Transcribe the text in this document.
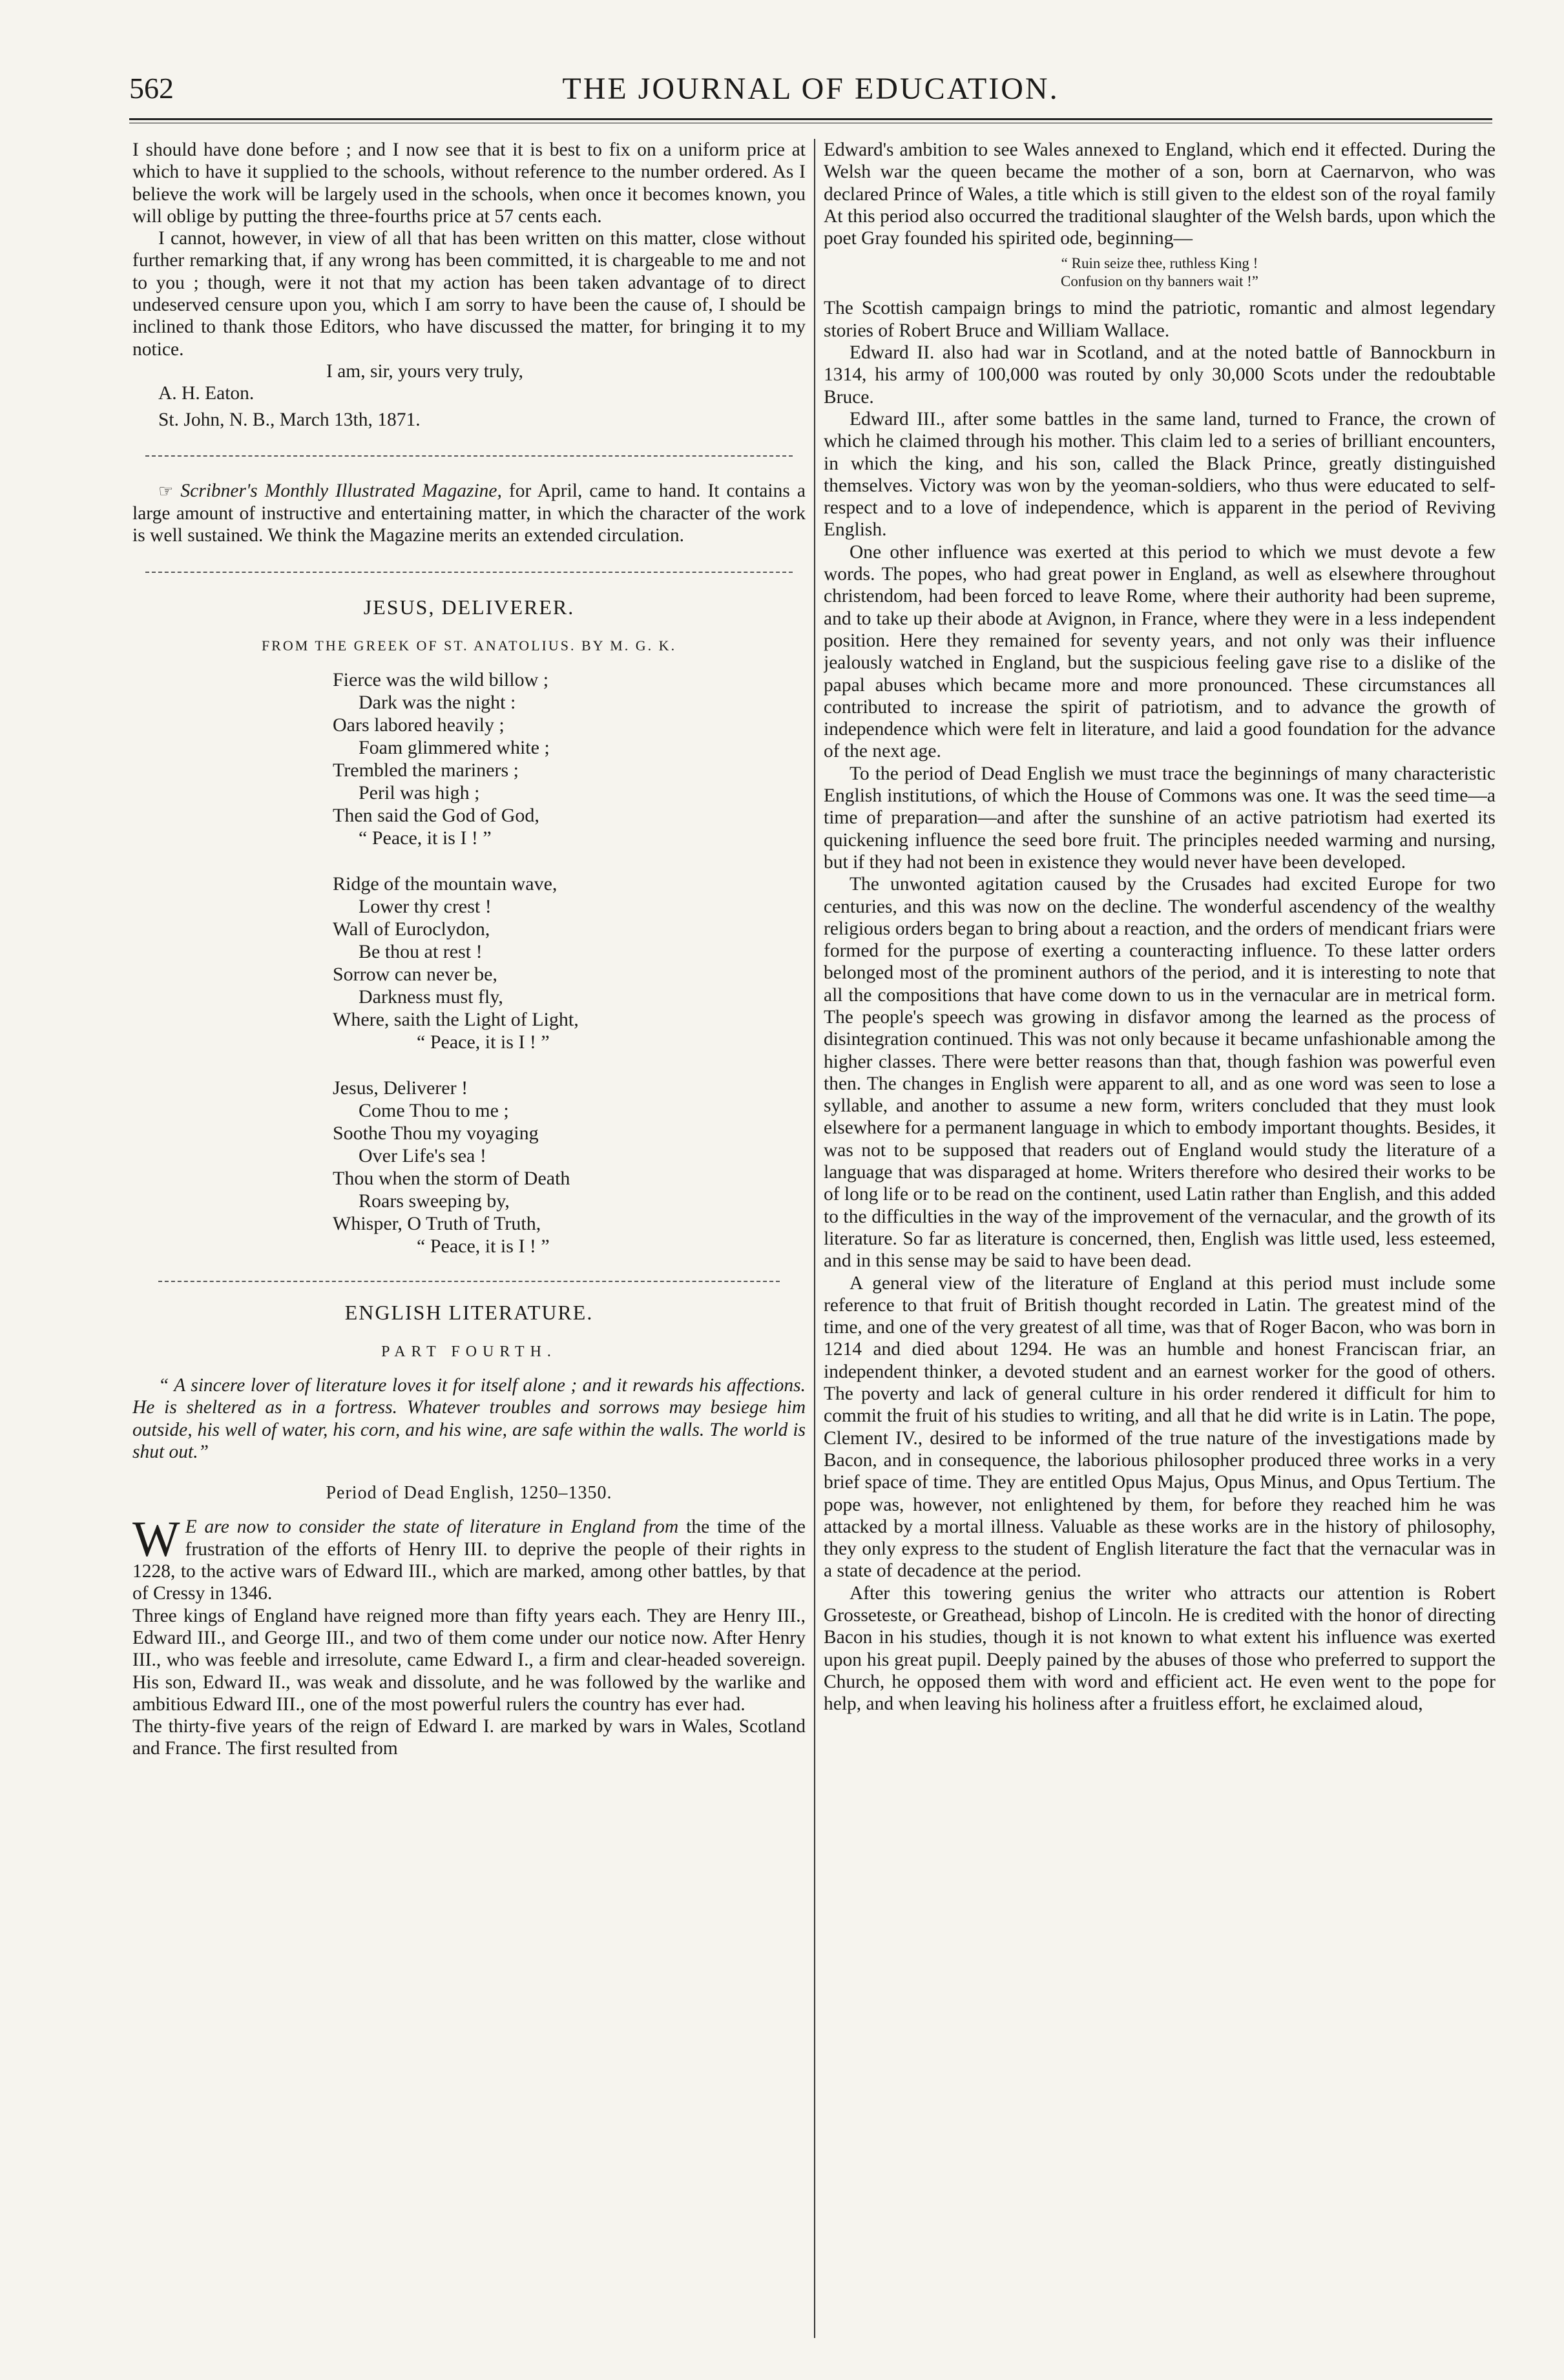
562	THE JOURNAL OF EDUCATION.

I should have done before ; and I now see that it is best to fix on a uniform price at which to have it supplied to the schools, without reference to the number ordered. As I believe the work will be largely used in the schools, when once it becomes known, you will oblige by putting the three-fourths price at 57 cents each.

I cannot, however, in view of all that has been written on this matter, close without further remarking that, if any wrong has been committed, it is chargeable to me and not to you ; though, were it not that my action has been taken advantage of to direct undeserved censure upon you, which I am sorry to have been the cause of, I should be inclined to thank those Editors, who have discussed the matter, for bringing it to my notice.

I am, sir, yours very truly,

A. H. Eaton.

St. John, N. B., March 13th, 1871.

☞ Scribner's Monthly Illustrated Magazine, for April, came to hand. It contains a large amount of instructive and entertaining matter, in which the character of the work is well sustained. We think the Magazine merits an extended circulation.

JESUS, DELIVERER.
FROM THE GREEK OF ST. ANATOLIUS. BY M. G. K.
Fierce was the wild billow ;
Dark was the night :
Oars labored heavily ;
Foam glimmered white ;
Trembled the mariners ;
Peril was high ;
Then said the God of God,
“ Peace, it is I ! ”
Ridge of the mountain wave,
Lower thy crest !
Wall of Euroclydon,
Be thou at rest !
Sorrow can never be,
Darkness must fly,
Where, saith the Light of Light,
“ Peace, it is I ! ”
Jesus, Deliverer !
Come Thou to me ;
Soothe Thou my voyaging
Over Life's sea !
Thou when the storm of Death
Roars sweeping by,
Whisper, O Truth of Truth,
“ Peace, it is I ! ”
ENGLISH LITERATURE.
PART FOURTH.

“ A sincere lover of literature loves it for itself alone ; and it rewards his affections. He is sheltered as in a fortress. Whatever troubles and sorrows may besiege him outside, his well of water, his corn, and his wine, are safe within the walls. The world is shut out.”

Period of Dead English, 1250–1350.

W E are now to consider the state of literature in England from the time of the frustration of the efforts of Henry III. to deprive the people of their rights in 1228, to the active wars of Edward III., which are marked, among other battles, by that of Cressy in 1346.

Three kings of England have reigned more than fifty years each. They are Henry III., Edward III., and George III., and two of them come under our notice now. After Henry III., who was feeble and irresolute, came Edward I., a firm and clear-headed sovereign. His son, Edward II., was weak and dissolute, and he was followed by the warlike and ambitious Edward III., one of the most powerful rulers the country has ever had.

The thirty-five years of the reign of Edward I. are marked by wars in Wales, Scotland and France. The first resulted from

Edward's ambition to see Wales annexed to England, which end it effected. During the Welsh war the queen became the mother of a son, born at Caernarvon, who was declared Prince of Wales, a title which is still given to the eldest son of the royal family At this period also occurred the traditional slaughter of the Welsh bards, upon which the poet Gray founded his spirited ode, beginning—

“ Ruin seize thee, ruthless King !
Confusion on thy banners wait !”

The Scottish campaign brings to mind the patriotic, romantic and almost legendary stories of Robert Bruce and William Wallace.

Edward II. also had war in Scotland, and at the noted battle of Bannockburn in 1314, his army of 100,000 was routed by only 30,000 Scots under the redoubtable Bruce.

Edward III., after some battles in the same land, turned to France, the crown of which he claimed through his mother. This claim led to a series of brilliant encounters, in which the king, and his son, called the Black Prince, greatly distinguished themselves. Victory was won by the yeoman-soldiers, who thus were educated to self-respect and to a love of independence, which is apparent in the period of Reviving English.

One other influence was exerted at this period to which we must devote a few words. The popes, who had great power in England, as well as elsewhere throughout christendom, had been forced to leave Rome, where their authority had been supreme, and to take up their abode at Avignon, in France, where they were in a less independent position. Here they remained for seventy years, and not only was their influence jealously watched in England, but the suspicious feeling gave rise to a dislike of the papal abuses which became more and more pronounced. These circumstances all contributed to increase the spirit of patriotism, and to advance the growth of independence which were felt in literature, and laid a good foundation for the advance of the next age.

To the period of Dead English we must trace the beginnings of many characteristic English institutions, of which the House of Commons was one. It was the seed time—a time of preparation—and after the sunshine of an active patriotism had exerted its quickening influence the seed bore fruit. The principles needed warming and nursing, but if they had not been in existence they would never have been developed.

The unwonted agitation caused by the Crusades had excited Europe for two centuries, and this was now on the decline. The wonderful ascendency of the wealthy religious orders began to bring about a reaction, and the orders of mendicant friars were formed for the purpose of exerting a counteracting influence. To these latter orders belonged most of the prominent authors of the period, and it is interesting to note that all the compositions that have come down to us in the vernacular are in metrical form. The people's speech was growing in disfavor among the learned as the process of disintegration continued. This was not only because it became unfashionable among the higher classes. There were better reasons than that, though fashion was powerful even then. The changes in English were apparent to all, and as one word was seen to lose a syllable, and another to assume a new form, writers concluded that they must look elsewhere for a permanent language in which to embody important thoughts. Besides, it was not to be supposed that readers out of England would study the literature of a language that was disparaged at home. Writers therefore who desired their works to be of long life or to be read on the continent, used Latin rather than English, and this added to the difficulties in the way of the improvement of the vernacular, and the growth of its literature. So far as literature is concerned, then, English was little used, less esteemed, and in this sense may be said to have been dead.

A general view of the literature of England at this period must include some reference to that fruit of British thought recorded in Latin. The greatest mind of the time, and one of the very greatest of all time, was that of Roger Bacon, who was born in 1214 and died about 1294. He was an humble and honest Franciscan friar, an independent thinker, a devoted student and an earnest worker for the good of others. The poverty and lack of general culture in his order rendered it difficult for him to commit the fruit of his studies to writing, and all that he did write is in Latin. The pope, Clement IV., desired to be informed of the true nature of the investigations made by Bacon, and in consequence, the laborious philosopher produced three works in a very brief space of time. They are entitled Opus Majus, Opus Minus, and Opus Tertium. The pope was, however, not enlightened by them, for before they reached him he was attacked by a mortal illness. Valuable as these works are in the history of philosophy, they only express to the student of English literature the fact that the vernacular was in a state of decadence at the period.

After this towering genius the writer who attracts our attention is Robert Grosseteste, or Greathead, bishop of Lincoln. He is credited with the honor of directing Bacon in his studies, though it is not known to what extent his influence was exerted upon his great pupil. Deeply pained by the abuses of those who preferred to support the Church, he opposed them with word and efficient act. He even went to the pope for help, and when leaving his holiness after a fruitless effort, he exclaimed aloud,
